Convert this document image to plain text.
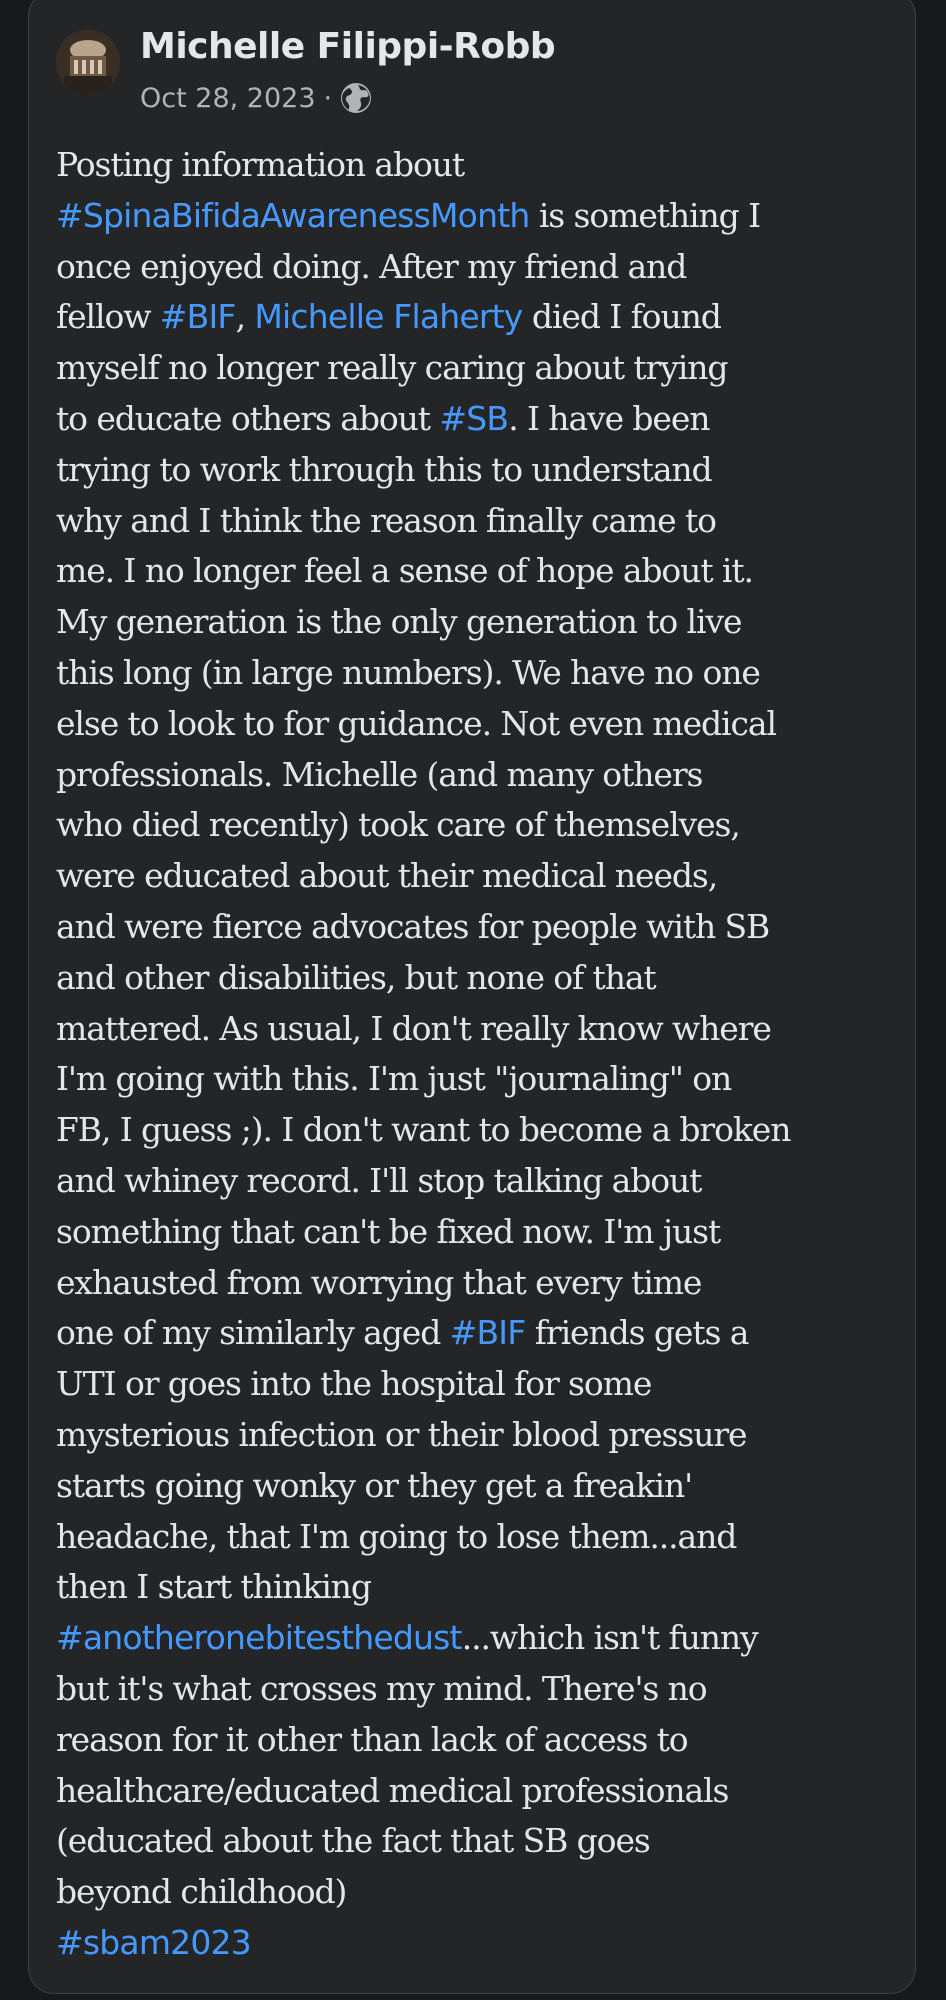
Michelle Filippi-Robb
Oct 28, 2023 ·
Posting information about
#SpinaBifidaAwarenessMonth is something I
once enjoyed doing. After my friend and
fellow #BIF, Michelle Flaherty died I found
myself no longer really caring about trying
to educate others about #SB. I have been
trying to work through this to understand
why and I think the reason finally came to
me. I no longer feel a sense of hope about it.
My generation is the only generation to live
this long (in large numbers). We have no one
else to look to for guidance. Not even medical
professionals. Michelle (and many others
who died recently) took care of themselves,
were educated about their medical needs,
and were fierce advocates for people with SB
and other disabilities, but none of that
mattered. As usual, I don't really know where
I'm going with this. I'm just "journaling" on
FB, I guess ;). I don't want to become a broken
and whiney record. I'll stop talking about
something that can't be fixed now. I'm just
exhausted from worrying that every time
one of my similarly aged #BIF friends gets a
UTI or goes into the hospital for some
mysterious infection or their blood pressure
starts going wonky or they get a freakin'
headache, that I'm going to lose them...and
then I start thinking
#anotheronebitesthedust...which isn't funny
but it's what crosses my mind. There's no
reason for it other than lack of access to
healthcare/educated medical professionals
(educated about the fact that SB goes
beyond childhood)
#sbam2023
